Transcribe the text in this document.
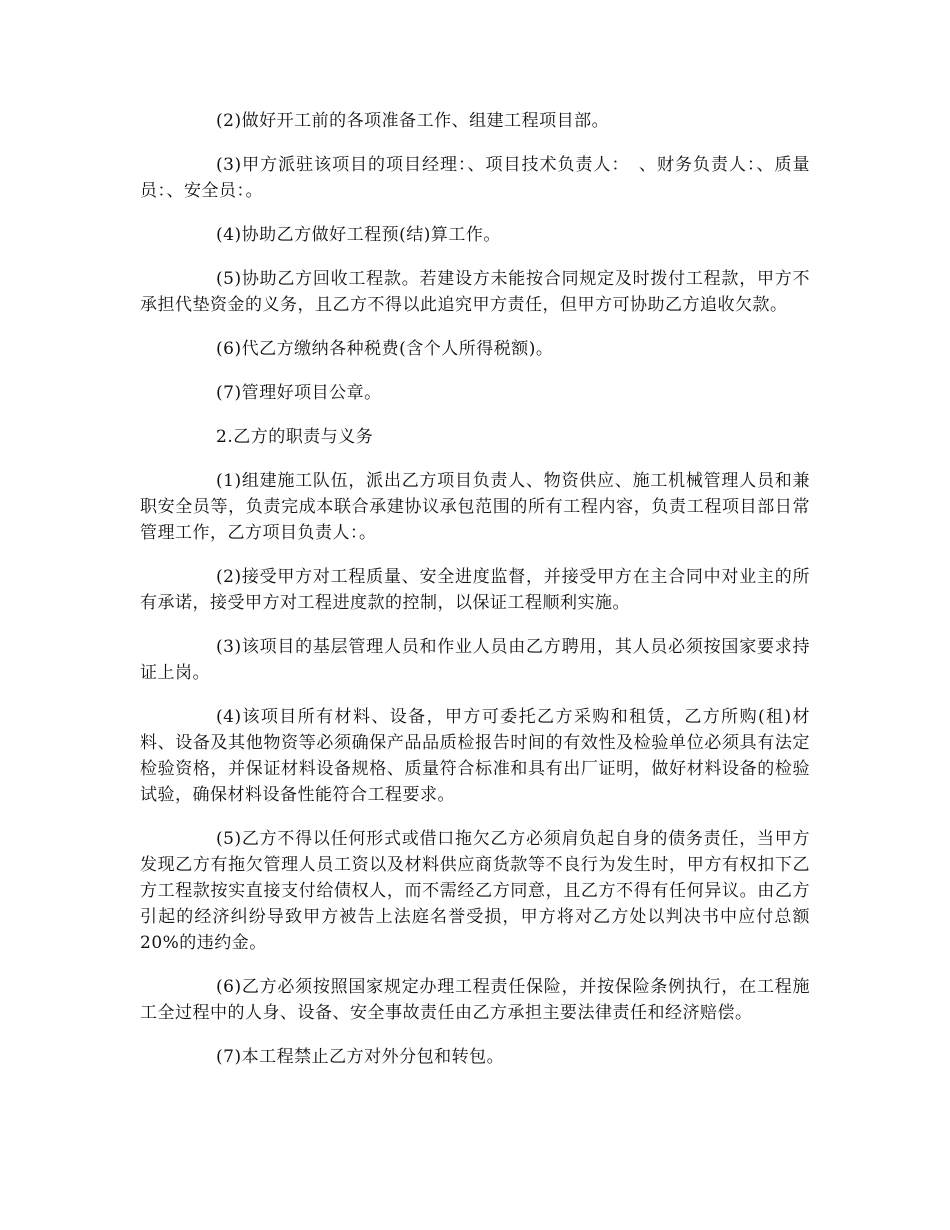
(2)做好开工前的各项准备工作、组建工程项目部。

(3)甲方派驻该项目的项目经理：、项目技术负责人：　、财务负责人：、质量员：、安全员：。

(4)协助乙方做好工程预(结)算工作。

(5)协助乙方回收工程款。若建设方未能按合同规定及时拨付工程款，甲方不承担代垫资金的义务，且乙方不得以此追究甲方责任，但甲方可协助乙方追收欠款。

(6)代乙方缴纳各种税费(含个人所得税额)。

(7)管理好项目公章。

2.乙方的职责与义务

(1)组建施工队伍，派出乙方项目负责人、物资供应、施工机械管理人员和兼职安全员等，负责完成本联合承建协议承包范围的所有工程内容，负责工程项目部日常管理工作，乙方项目负责人：。

(2)接受甲方对工程质量、安全进度监督，并接受甲方在主合同中对业主的所有承诺，接受甲方对工程进度款的控制，以保证工程顺利实施。

(3)该项目的基层管理人员和作业人员由乙方聘用，其人员必须按国家要求持证上岗。

(4)该项目所有材料、设备，甲方可委托乙方采购和租赁，乙方所购(租)材料、设备及其他物资等必须确保产品品质检报告时间的有效性及检验单位必须具有法定检验资格，并保证材料设备规格、质量符合标准和具有出厂证明，做好材料设备的检验试验，确保材料设备性能符合工程要求。

(5)乙方不得以任何形式或借口拖欠乙方必须肩负起自身的债务责任，当甲方发现乙方有拖欠管理人员工资以及材料供应商货款等不良行为发生时，甲方有权扣下乙方工程款按实直接支付给债权人，而不需经乙方同意，且乙方不得有任何异议。由乙方引起的经济纠纷导致甲方被告上法庭名誉受损，甲方将对乙方处以判决书中应付总额20%的违约金。

(6)乙方必须按照国家规定办理工程责任保险，并按保险条例执行，在工程施工全过程中的人身、设备、安全事故责任由乙方承担主要法律责任和经济赔偿。

(7)本工程禁止乙方对外分包和转包。
